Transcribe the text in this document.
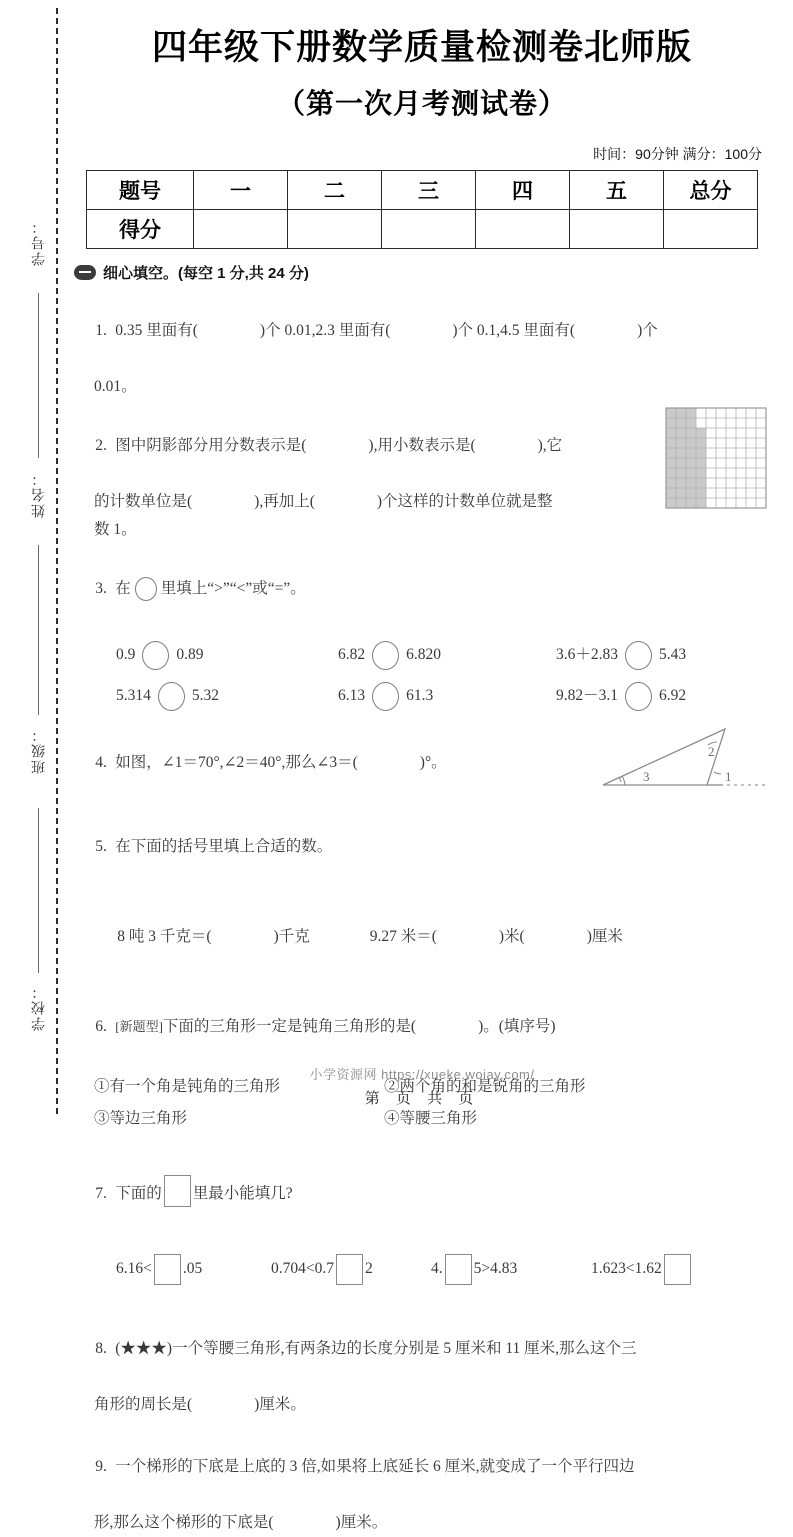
学号：
姓名：
班级：
学校：
四年级下册数学质量检测卷北师版
（第一次月考测试卷）
时间：90分钟 满分：100分
题号	一	二	三	四	五	总分
得分						
细心填空。(每空 1 分,共 24 分)

1. 0.35 里面有(	)个 0.01,2.3 里面有(	)个 0.1,4.5 里面有(	)个

0.01。

2. 图中阴影部分用分数表示是(	),用小数表示是(	),它

的计数单位是(	),再加上(	)个这样的计数单位就是整
数 1。

3. 在 里填上“>”“<”或“=”。

0.9	0.89	6.82	6.820	3.6＋2.83	5.43
5.314	5.32	6.13	61.3	9.82－3.1	6.92

4. 如图，∠1＝70°,∠2＝40°,那么∠3＝(	)°。

5. 在下面的括号里填上合适的数。

8 吨 3 千克＝(	)千克	9.27 米＝(	)米(	)厘米

3
2
1

6. [新题型]下面的三角形一定是钝角三角形的是(	)。(填序号)

①有一个角是钝角的三角形	②两个角的和是锐角的三角形
③等边三角形	④等腰三角形

7. 下面的 里最小能填几?

6.16< .05	0.704<0.7 2	4. 5>4.83	1.623<1.62

8. (★★★)一个等腰三角形,有两条边的长度分别是 5 厘米和 11 厘米,那么这个三

角形的周长是(	)厘米。

9. 一个梯形的下底是上底的 3 倍,如果将上底延长 6 厘米,就变成了一个平行四边

形,那么这个梯形的下底是(	)厘米。
小学资源网 https://xueke.woiay.com/
第 页 共 页
